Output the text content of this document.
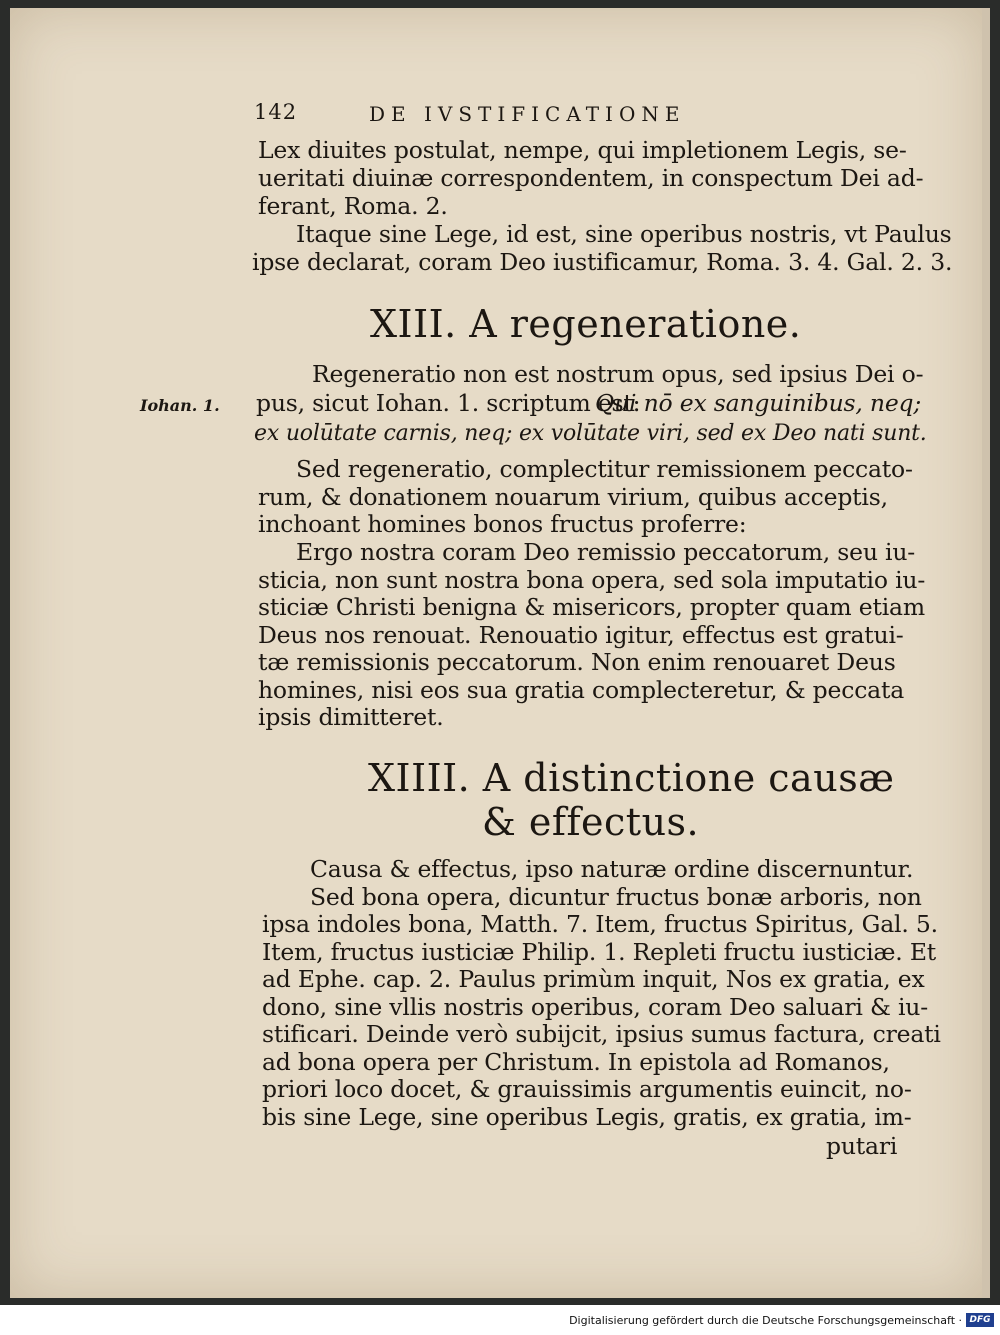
142	DE IVSTIFICATIONE

Lex diuites postulat, nempe, qui impletionem Legis, se-

ueritati diuinæ correspondentem, in conspectum Dei ad-

ferant, Roma. 2.

Itaque sine Lege, id est, sine operibus nostris, vt Paulus

ipse declarat, coram Deo iustificamur, Roma. 3. 4. Gal. 2. 3.

XIII. A regeneratione.
Iohan. 1.

Regeneratio non est nostrum opus, sed ipsius Dei o-

pus, sicut Iohan. 1. scriptum est:

Qui nō ex sanguinibus, neq;

ex uolūtate carnis, neq; ex volūtate viri, sed ex Deo nati sunt.

Sed regeneratio, complectitur remissionem peccato-

rum, & donationem nouarum virium, quibus acceptis,

inchoant homines bonos fructus proferre:

Ergo nostra coram Deo remissio peccatorum, seu iu-

sticia, non sunt nostra bona opera, sed sola imputatio iu-

sticiæ Christi benigna & misericors, propter quam etiam

Deus nos renouat. Renouatio igitur, effectus est gratui-

tæ remissionis peccatorum. Non enim renouaret Deus

homines, nisi eos sua gratia complecteretur, & peccata

ipsis dimitteret.

XIIII. A distinctione causæ
& effectus.

Causa & effectus, ipso naturæ ordine discernuntur.

Sed bona opera, dicuntur fructus bonæ arboris, non

ipsa indoles bona, Matth. 7. Item, fructus Spiritus, Gal. 5.

Item, fructus iusticiæ Philip. 1. Repleti fructu iusticiæ. Et

ad Ephe. cap. 2. Paulus primùm inquit, Nos ex gratia, ex

dono, sine vllis nostris operibus, coram Deo saluari & iu-

stificari. Deinde verò subijcit, ipsius sumus factura, creati

ad bona opera per Christum. In epistola ad Romanos,

priori loco docet, & grauissimis argumentis euincit, no-

bis sine Lege, sine operibus Legis, gratis, ex gratia, im-

putari

Digitalisierung gefördert durch die Deutsche Forschungsgemeinschaft · DFG
